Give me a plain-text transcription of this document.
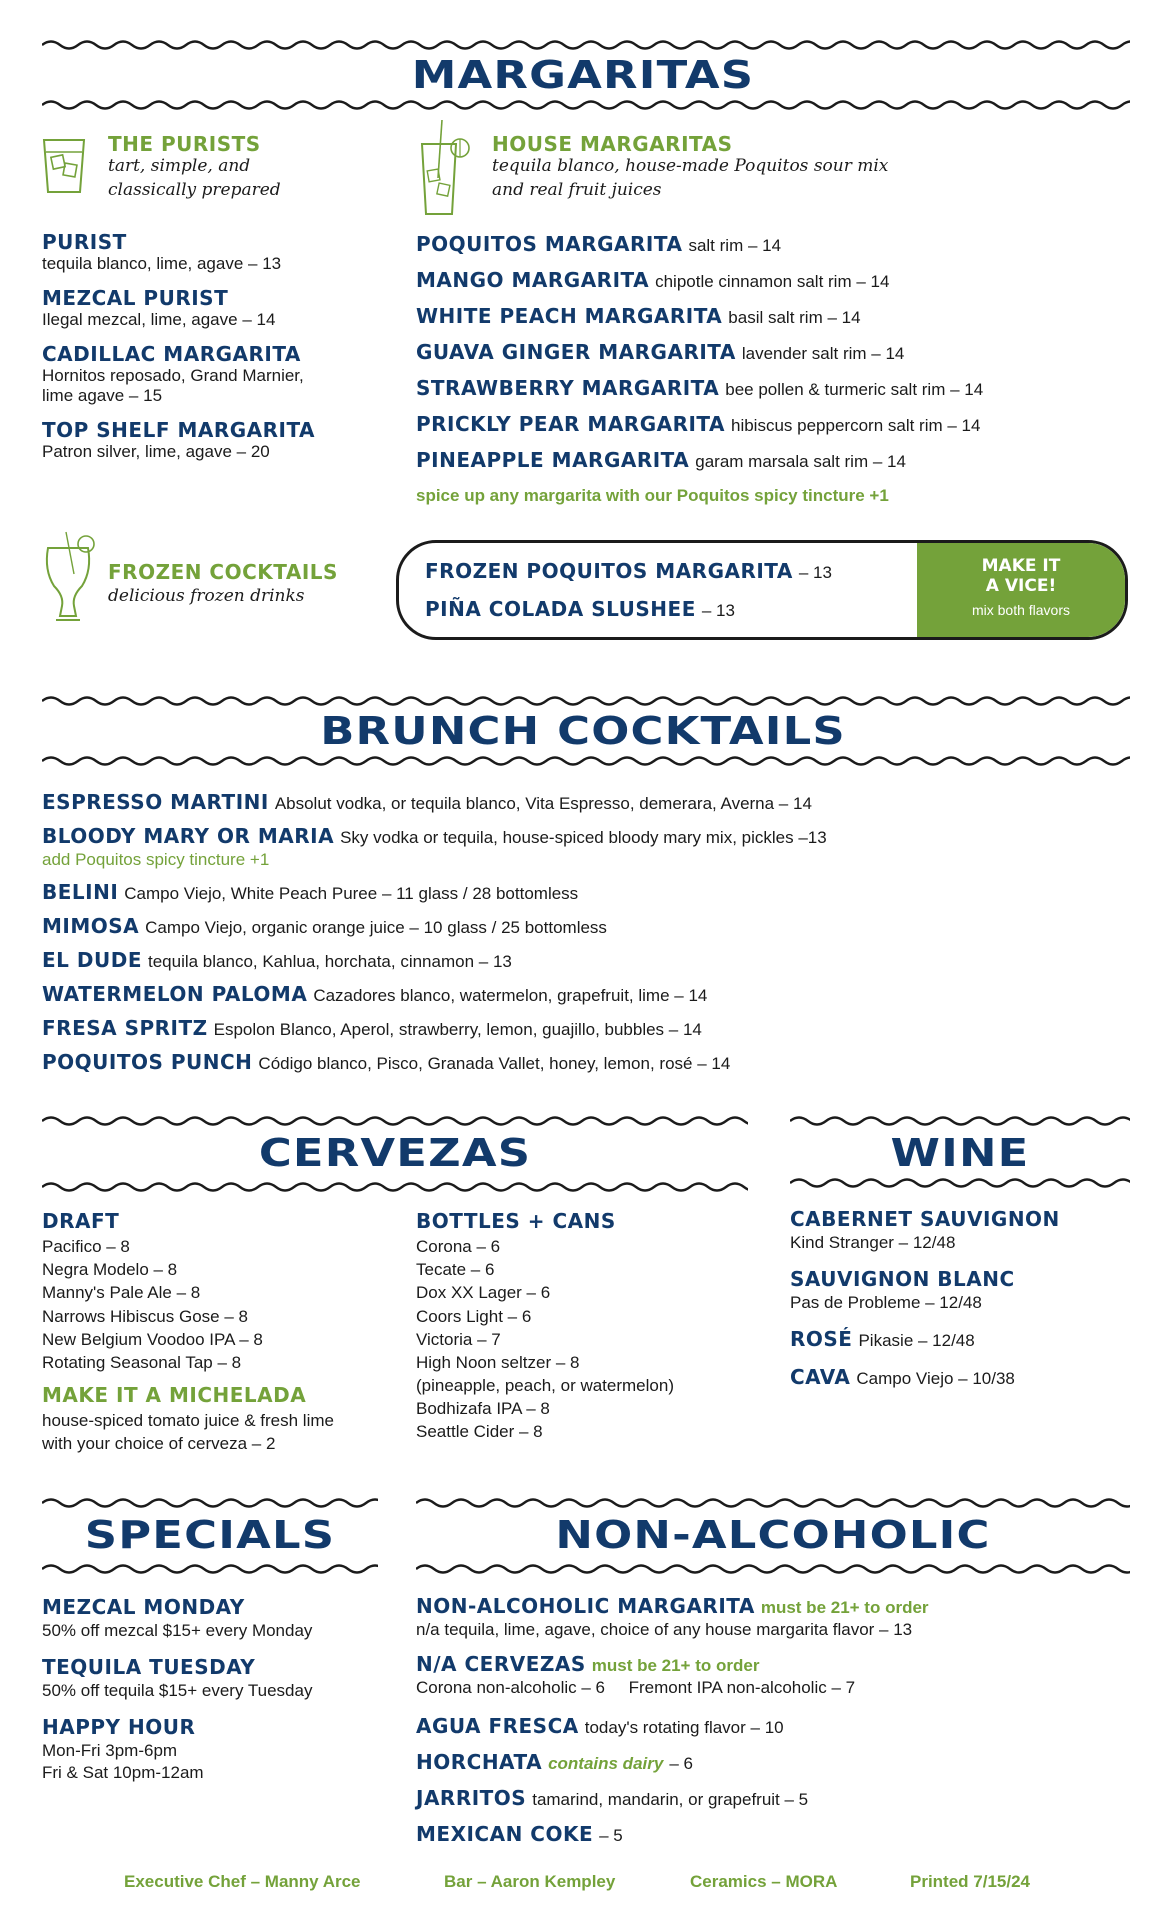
MARGARITAS
THE PURISTS
tart, simple, and
classically prepared
HOUSE MARGARITAS
tequila blanco, house-made Poquitos sour mix
and real fruit juices
PURIST
tequila blanco, lime, agave – 13
MEZCAL PURIST
Ilegal mezcal, lime, agave – 14
CADILLAC MARGARITA
Hornitos reposado, Grand Marnier,
lime agave – 15
TOP SHELF MARGARITA
Patron silver, lime, agave – 20
POQUITOS MARGARITA salt rim – 14
MANGO MARGARITA chipotle cinnamon salt rim – 14
WHITE PEACH MARGARITA basil salt rim – 14
GUAVA GINGER MARGARITA lavender salt rim – 14
STRAWBERRY MARGARITA bee pollen & turmeric salt rim – 14
PRICKLY PEAR MARGARITA hibiscus peppercorn salt rim – 14
PINEAPPLE MARGARITA garam marsala salt rim – 14
spice up any margarita with our Poquitos spicy tincture +1
FROZEN COCKTAILS
delicious frozen drinks
FROZEN POQUITOS MARGARITA – 13
PIÑA COLADA SLUSHEE – 13
MAKE IT
A VICE!
mix both flavors
BRUNCH COCKTAILS
ESPRESSO MARTINI Absolut vodka, or tequila blanco, Vita Espresso, demerara, Averna – 14
BLOODY MARY OR MARIA Sky vodka or tequila, house-spiced bloody mary mix, pickles –13
add Poquitos spicy tincture +1
BELINI Campo Viejo, White Peach Puree – 11 glass / 28 bottomless
MIMOSA Campo Viejo, organic orange juice – 10 glass / 25 bottomless
EL DUDE tequila blanco, Kahlua, horchata, cinnamon – 13
WATERMELON PALOMA Cazadores blanco, watermelon, grapefruit, lime – 14
FRESA SPRITZ Espolon Blanco, Aperol, strawberry, lemon, guajillo, bubbles – 14
POQUITOS PUNCH Código blanco, Pisco, Granada Vallet, honey, lemon, rosé – 14
CERVEZAS
DRAFT
Pacifico – 8
Negra Modelo – 8
Manny's Pale Ale – 8
Narrows Hibiscus Gose – 8
New Belgium Voodoo IPA – 8
Rotating Seasonal Tap – 8
MAKE IT A MICHELADA
house-spiced tomato juice & fresh lime
with your choice of cerveza – 2
BOTTLES + CANS
Corona – 6
Tecate – 6
Dox XX Lager – 6
Coors Light – 6
Victoria – 7
High Noon seltzer – 8
(pineapple, peach, or watermelon)
Bodhizafa IPA – 8
Seattle Cider – 8
WINE
CABERNET SAUVIGNON
Kind Stranger – 12/48
SAUVIGNON BLANC
Pas de Probleme – 12/48
ROSÉ Pikasie – 12/48
CAVA Campo Viejo – 10/38
SPECIALS
MEZCAL MONDAY
50% off mezcal $15+ every Monday
TEQUILA TUESDAY
50% off tequila $15+ every Tuesday
HAPPY HOUR
Mon-Fri 3pm-6pm
Fri & Sat 10pm-12am
NON-ALCOHOLIC
NON-ALCOHOLIC MARGARITA must be 21+ to order
n/a tequila, lime, agave, choice of any house margarita flavor – 13
N/A CERVEZAS must be 21+ to order
Corona non-alcoholic – 6     Fremont IPA non-alcoholic – 7
AGUA FRESCA today's rotating flavor – 10
HORCHATA contains dairy – 6
JARRITOS tamarind, mandarin, or grapefruit – 5
MEXICAN COKE – 5
Executive Chef – Manny Arce	Bar – Aaron Kempley	Ceramics – MORA	Printed 7/15/24
